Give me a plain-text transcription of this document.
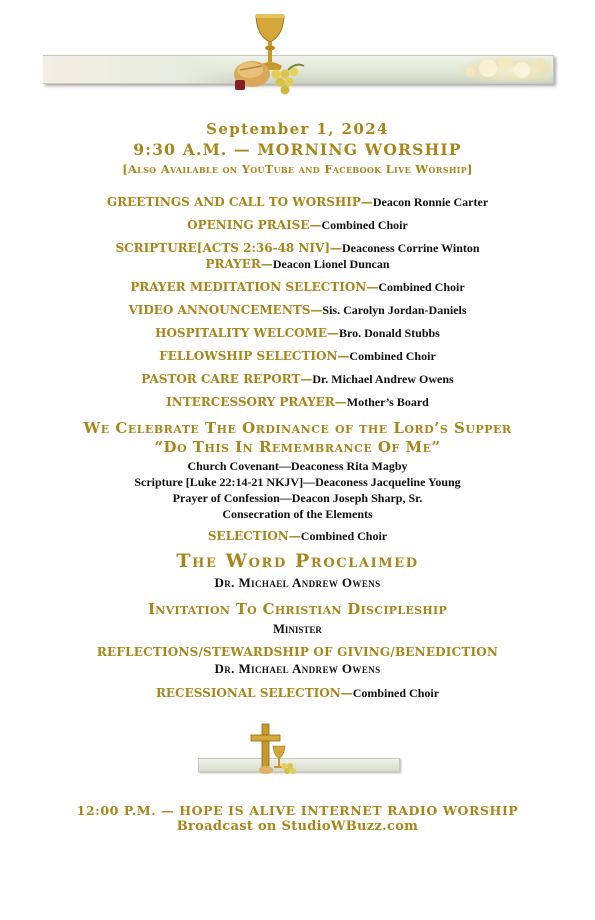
September 1, 2024
9:30 A.M. — MORNING WORSHIP
[Also Available on YouTube and Facebook Live Worship]
GREETINGS AND CALL TO WORSHIP—Deacon Ronnie Carter
OPENING PRAISE—Combined Choir
SCRIPTURE[ACTS 2:36-48 NIV]—Deaconess Corrine Winton
PRAYER—Deacon Lionel Duncan
PRAYER MEDITATION SELECTION—Combined Choir
VIDEO ANNOUNCEMENTS—Sis. Carolyn Jordan-Daniels
HOSPITALITY WELCOME—Bro. Donald Stubbs
FELLOWSHIP SELECTION—Combined Choir
PASTOR CARE REPORT—Dr. Michael Andrew Owens
INTERCESSORY PRAYER—Mother’s Board
We Celebrate The Ordinance of the Lord’s Supper
“Do This In Remembrance Of Me”
Church Covenant—Deaconess Rita Magby
Scripture [Luke 22:14-21 NKJV]—Deaconess Jacqueline Young
Prayer of Confession—Deacon Joseph Sharp, Sr.
Consecration of the Elements
SELECTION—Combined Choir
The Word Proclaimed
Dr. Michael Andrew Owens
Invitation To Christian Discipleship
Minister
REFLECTIONS/STEWARDSHIP OF GIVING/BENEDICTION
Dr. Michael Andrew Owens
RECESSIONAL SELECTION—Combined Choir
12:00 P.M. — HOPE IS ALIVE INTERNET RADIO WORSHIP
Broadcast on StudioWBuzz.com
